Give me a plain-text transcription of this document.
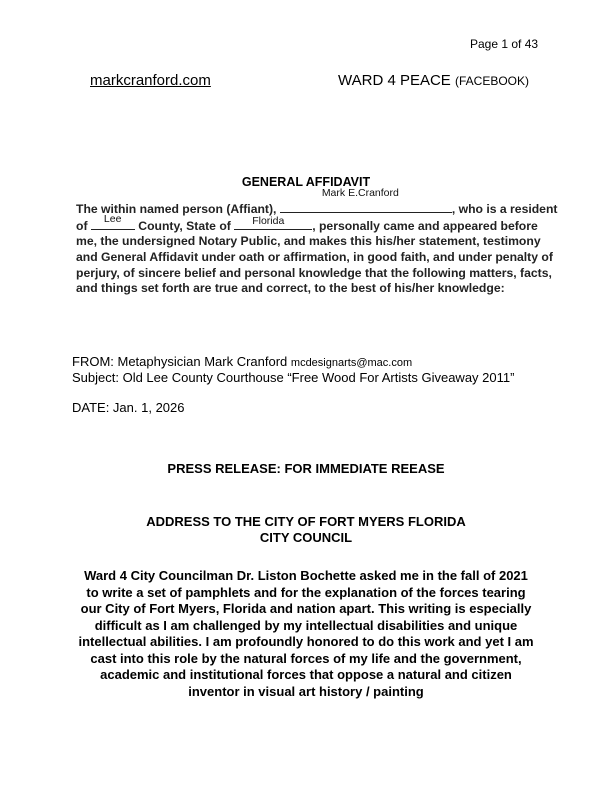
Page 1 of 43
markcranford.com	WARD 4 PEACE (FACEBOOK)
GENERAL AFFIDAVIT
The within named person (Affiant),
Mark E.Cranford
, who is a resident
of Lee County, State of Florida , personally came and appeared before
me, the undersigned Notary Public, and makes this his/her statement, testimony
and General Affidavit under oath or affirmation, in good faith, and under penalty of
perjury, of sincere belief and personal knowledge that the following matters, facts,
and things set forth are true and correct, to the best of his/her knowledge:
FROM: Metaphysician Mark Cranford mcdesignarts@mac.com
Subject: Old Lee County Courthouse “Free Wood For Artists Giveaway 2011”
DATE: Jan. 1, 2026
PRESS RELEASE: FOR IMMEDIATE REEASE
ADDRESS TO THE CITY OF FORT MYERS FLORIDA
CITY COUNCIL
Ward 4 City Councilman Dr. Liston Bochette asked me in the fall of 2021 to write a set of pamphlets and for the explanation of the forces tearing our City of Fort Myers, Florida and nation apart. This writing is especially difficult as I am challenged by my intellectual disabilities and unique intellectual abilities. I am profoundly honored to do this work and yet I am cast into this role by the natural forces of my life and the government, academic and institutional forces that oppose a natural and citizen inventor in visual art history / painting
